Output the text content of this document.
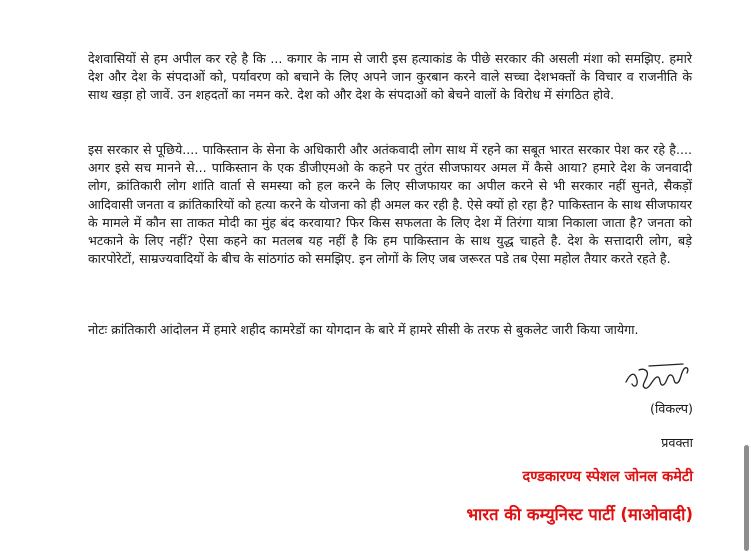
देशवासियों से हम अपील कर रहे है कि ... कगार के नाम से जारी इस हत्याकांड के पीछे सरकार की असली मंशा को समझिए. हमारे देश और देश के संपदाओं को, पर्यावरण को बचाने के लिए अपने जान कुरबान करने वाले सच्चा देशभक्तों के विचार व राजनीति के साथ खड़ा हो जावें. उन शहदतों का नमन करे. देश को और देश के संपदाओं को बेचने वालों के विरोध में संगठित होवे.

इस सरकार से पूछिये.... पाकिस्तान के सेना के अधिकारी और अतंकवादी लोग साथ में रहने का सबूत भारत सरकार पेश कर रहे है.... अगर इसे सच मानने से... पाकिस्तान के एक डीजीएमओ के कहने पर तुरंत सीजफायर अमल में कैसे आया? हमारे देश के जनवादी लोग, क्रांतिकारी लोग शांति वार्ता से समस्या को हल करने के लिए सीजफायर का अपील करने से भी सरकार नहीं सुनते, सैकड़ों आदिवासी जनता व क्रांतिकारियों को हत्या करने के योजना को ही अमल कर रही है. ऐसे क्यों हो रहा है? पाकिस्तान के साथ सीजफायर के मामले में कौन सा ताकत मोदी का मुंह बंद करवाया? फिर किस सफलता के लिए देश में तिरंगा यात्रा निकाला जाता है? जनता को भटकाने के लिए नहीं? ऐसा कहने का मतलब यह नहीं है कि हम पाकिस्तान के साथ युद्ध चाहते है. देश के सत्तादारी लोग, बड़े कारपोरेटों, साम्रज्यवादियों के बीच के सांठगांठ को समझिए. इन लोगों के लिए जब जरूरत पडे तब ऐसा महोल तैयार करते रहते है.

नोटः क्रांतिकारी आंदोलन में हमारे शहीद कामरेडों का योगदान के बारे में हामरे सीसी के तरफ से बुकलेट जारी किया जायेगा.

(विकल्प)
प्रवक्ता
दण्डकारण्य स्पेशल जोनल कमेटी
भारत की कम्युनिस्ट पार्टी (माओवादी)
